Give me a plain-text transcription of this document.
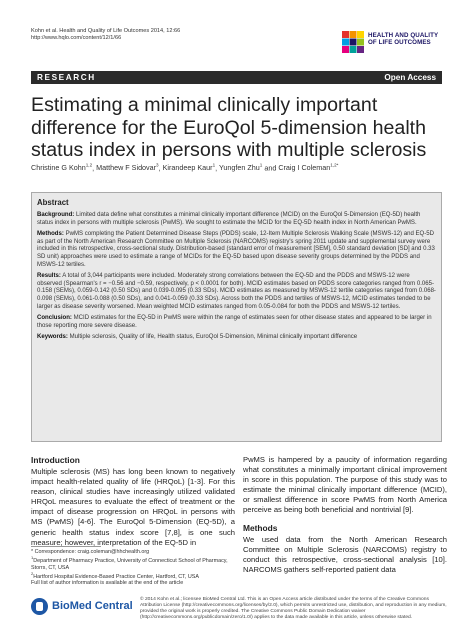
Kohn et al. Health and Quality of Life Outcomes 2014, 12:66
http://www.hqlo.com/content/12/1/66	HEALTH AND QUALITY
OF LIFE OUTCOMES
RESEARCH	Open Access
Estimating a minimal clinically important difference for the EuroQol 5-dimension health status index in persons with multiple sclerosis
Christine G Kohn$^{1,2}$, Matthew F Sidovar$^3$, Kirandeep Kaur$^1$, Yungfen Zhu$^1$ and Craig I Coleman$^{1,2*}$
Abstract

Background: Limited data define what constitutes a minimal clinically important difference (MCID) on the EuroQol 5-Dimension (EQ-5D) health status index in persons with multiple sclerosis (PwMS). We sought to estimate the MCID for the EQ-5D health index in North American PwMS.

Methods: PwMS completing the Patient Determined Disease Steps (PDDS) scale, 12-Item Multiple Sclerosis Walking Scale (MSWS-12) and EQ-5D as part of the North American Research Committee on Multiple Sclerosis (NARCOMS) registry's spring 2011 update and supplemental survey were included in this retrospective, cross-sectional study. Distribution-based (standard error of measurement [SEM], 0.50 standard deviation [SD] and 0.33 SD unit) approaches were used to estimate a range of MCIDs for the EQ-5D based upon disease severity groups determined by the PDDS and MSWS-12 tertiles.

Results: A total of 3,044 participants were included. Moderately strong correlations between the EQ-5D and the PDDS and MSWS-12 were observed (Spearman's r = −0.56 and −0.59, respectively, p < 0.0001 for both). MCID estimates based on PDDS score categories ranged from 0.065-0.158 (SEMs), 0.059-0.142 (0.50 SDs) and 0.039-0.095 (0.33 SDs). MCID estimates as measured by MSWS-12 tertile categories ranged from 0.068-0.098 (SEMs), 0.061-0.088 (0.50 SDs), and 0.041-0.059 (0.33 SDs). Across both the PDDS and tertiles of MSWS-12, MCID estimates tended to be larger as disease severity worsened. Mean weighted MCID estimates ranged from 0.05-0.084 for both the PDDS and MSWS-12 tertiles.

Conclusion: MCID estimates for the EQ-5D in PwMS were within the range of estimates seen for other disease states and appeared to be larger in those reporting more severe disease.

Keywords: Multiple sclerosis, Quality of life, Health status, EuroQol 5-Dimension, Minimal clinically important difference

Introduction

Multiple sclerosis (MS) has long been known to negatively impact health-related quality of life (HRQoL) [1-3]. For this reason, clinical studies have increasingly utilized validated HRQoL measures to evaluate the effect of treatment or the impact of disease progression on HRQoL in persons with MS (PwMS) [4-6]. The EuroQol 5-Dimension (EQ-5D), a generic health status index score [7,8], is one such measure; however, interpretation of the EQ-5D in

PwMS is hampered by a paucity of information regarding what constitutes a minimally important clinical improvement in score in this population. The purpose of this study was to estimate the minimal clinically important difference (MCID), or smallest difference in score PwMS from North America perceive as being both beneficial and nontrivial [9].

Methods

We used data from the North American Research Committee on Multiple Sclerosis (NARCOMS) registry to conduct this retrospective, cross-sectional analysis [10]. NARCOMS gathers self-reported patient data

* Correspondence: craig.coleman@hhchealth.org
$^1$Department of Pharmacy Practice, University of Connecticut School of Pharmacy, Storrs, CT, USA
$^2$Hartford Hospital Evidence-Based Practice Center, Hartford, CT, USA
Full list of author information is available at the end of the article
BioMed Central
© 2014 Kohn et al.; licensee BioMed Central Ltd. This is an Open Access article distributed under the terms of the Creative Commons Attribution License (http://creativecommons.org/licenses/by/2.0), which permits unrestricted use, distribution, and reproduction in any medium, provided the original work is properly credited. The Creative Commons Public Domain Dedication waiver (http://creativecommons.org/publicdomain/zero/1.0/) applies to the data made available in this article, unless otherwise stated.
